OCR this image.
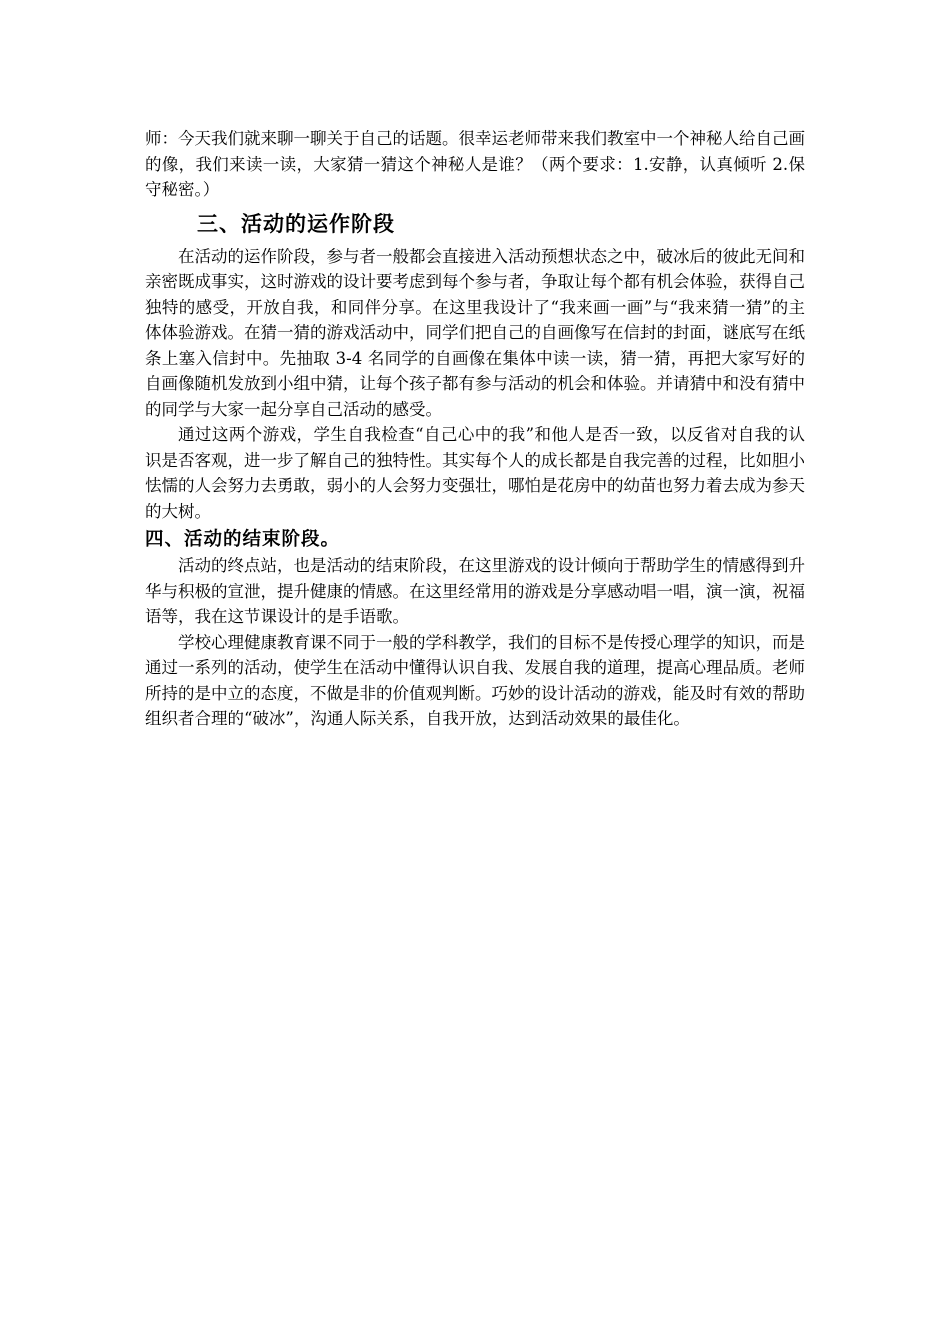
师：今天我们就来聊一聊关于自己的话题。很幸运老师带来我们教室中一个神秘人给自己画的像，我们来读一读，大家猜一猜这个神秘人是谁？（两个要求：1.安静，认真倾听 2.保守秘密。）

三、活动的运作阶段

在活动的运作阶段，参与者一般都会直接进入活动预想状态之中，破冰后的彼此无间和亲密既成事实，这时游戏的设计要考虑到每个参与者，争取让每个都有机会体验，获得自己独特的感受，开放自我，和同伴分享。在这里我设计了“我来画一画”与“我来猜一猜”的主体体验游戏。在猜一猜的游戏活动中，同学们把自己的自画像写在信封的封面，谜底写在纸条上塞入信封中。先抽取 3-4 名同学的自画像在集体中读一读，猜一猜，再把大家写好的自画像随机发放到小组中猜，让每个孩子都有参与活动的机会和体验。并请猜中和没有猜中的同学与大家一起分享自己活动的感受。

通过这两个游戏，学生自我检查“自己心中的我”和他人是否一致，以反省对自我的认识是否客观，进一步了解自己的独特性。其实每个人的成长都是自我完善的过程，比如胆小怯懦的人会努力去勇敢，弱小的人会努力变强壮，哪怕是花房中的幼苗也努力着去成为参天的大树。

四、活动的结束阶段。

活动的终点站，也是活动的结束阶段，在这里游戏的设计倾向于帮助学生的情感得到升华与积极的宣泄，提升健康的情感。在这里经常用的游戏是分享感动唱一唱，演一演，祝福语等，我在这节课设计的是手语歌。

学校心理健康教育课不同于一般的学科教学，我们的目标不是传授心理学的知识，而是通过一系列的活动，使学生在活动中懂得认识自我、发展自我的道理，提高心理品质。老师所持的是中立的态度，不做是非的价值观判断。巧妙的设计活动的游戏，能及时有效的帮助组织者合理的“破冰”，沟通人际关系，自我开放，达到活动效果的最佳化。
